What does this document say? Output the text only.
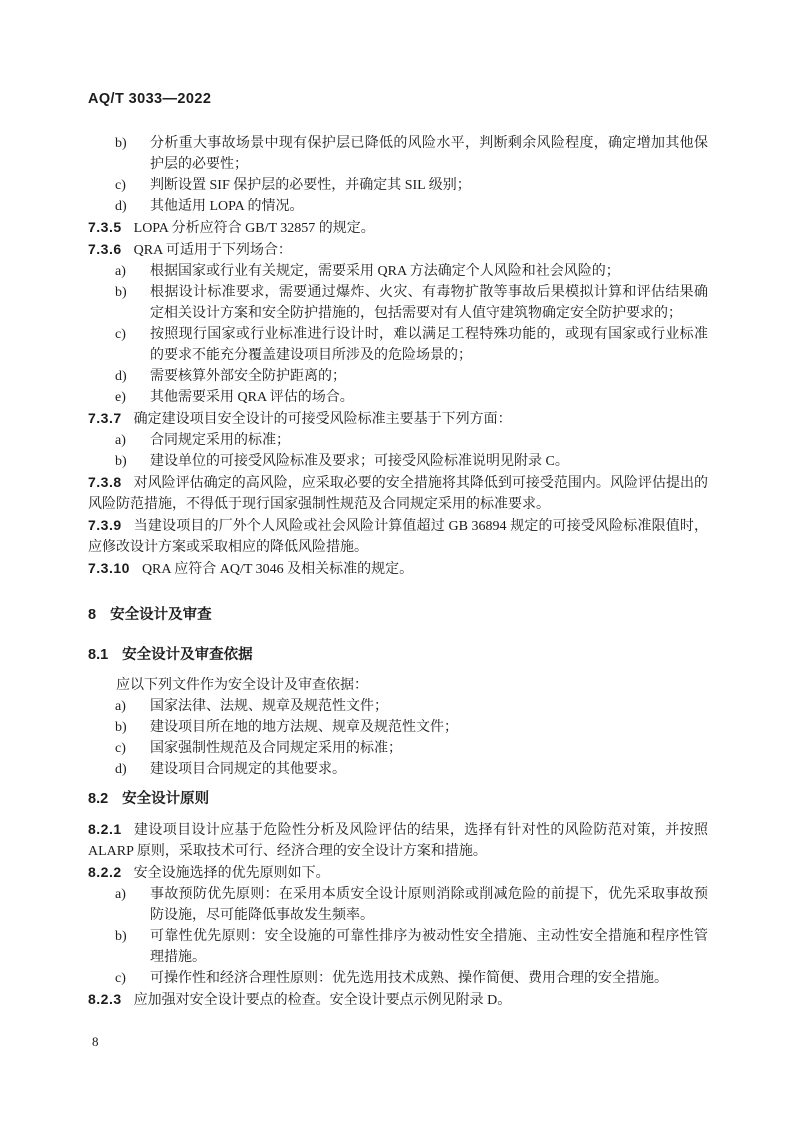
AQ/T 3033—2022
b)	分析重大事故场景中现有保护层已降低的风险水平，判断剩余风险程度，确定增加其他保护层的必要性；
c)	判断设置 SIF 保护层的必要性，并确定其 SIL 级别；
d)	其他适用 LOPA 的情况。
7.3.5 LOPA 分析应符合 GB/T 32857 的规定。
7.3.6 QRA 可适用于下列场合：
a)	根据国家或行业有关规定，需要采用 QRA 方法确定个人风险和社会风险的；
b)	根据设计标准要求，需要通过爆炸、火灾、有毒物扩散等事故后果模拟计算和评估结果确定相关设计方案和安全防护措施的，包括需要对有人值守建筑物确定安全防护要求的；
c)	按照现行国家或行业标准进行设计时，难以满足工程特殊功能的，或现有国家或行业标准的要求不能充分覆盖建设项目所涉及的危险场景的；
d)	需要核算外部安全防护距离的；
e)	其他需要采用 QRA 评估的场合。
7.3.7 确定建设项目安全设计的可接受风险标准主要基于下列方面：
a)	合同规定采用的标准；
b)	建设单位的可接受风险标准及要求；可接受风险标准说明见附录 C。
7.3.8 对风险评估确定的高风险，应采取必要的安全措施将其降低到可接受范围内。风险评估提出的风险防范措施，不得低于现行国家强制性规范及合同规定采用的标准要求。
7.3.9 当建设项目的厂外个人风险或社会风险计算值超过 GB 36894 规定的可接受风险标准限值时，应修改设计方案或采取相应的降低风险措施。
7.3.10 QRA 应符合 AQ/T 3046 及相关标准的规定。
8 安全设计及审查
8.1 安全设计及审查依据
应以下列文件作为安全设计及审查依据：
a)	国家法律、法规、规章及规范性文件；
b)	建设项目所在地的地方法规、规章及规范性文件；
c)	国家强制性规范及合同规定采用的标准；
d)	建设项目合同规定的其他要求。
8.2 安全设计原则
8.2.1 建设项目设计应基于危险性分析及风险评估的结果，选择有针对性的风险防范对策，并按照 ALARP 原则，采取技术可行、经济合理的安全设计方案和措施。
8.2.2 安全设施选择的优先原则如下。
a)	事故预防优先原则：在采用本质安全设计原则消除或削减危险的前提下，优先采取事故预防设施，尽可能降低事故发生频率。
b)	可靠性优先原则：安全设施的可靠性排序为被动性安全措施、主动性安全措施和程序性管理措施。
c)	可操作性和经济合理性原则：优先选用技术成熟、操作简便、费用合理的安全措施。
8.2.3 应加强对安全设计要点的检查。安全设计要点示例见附录 D。
8
